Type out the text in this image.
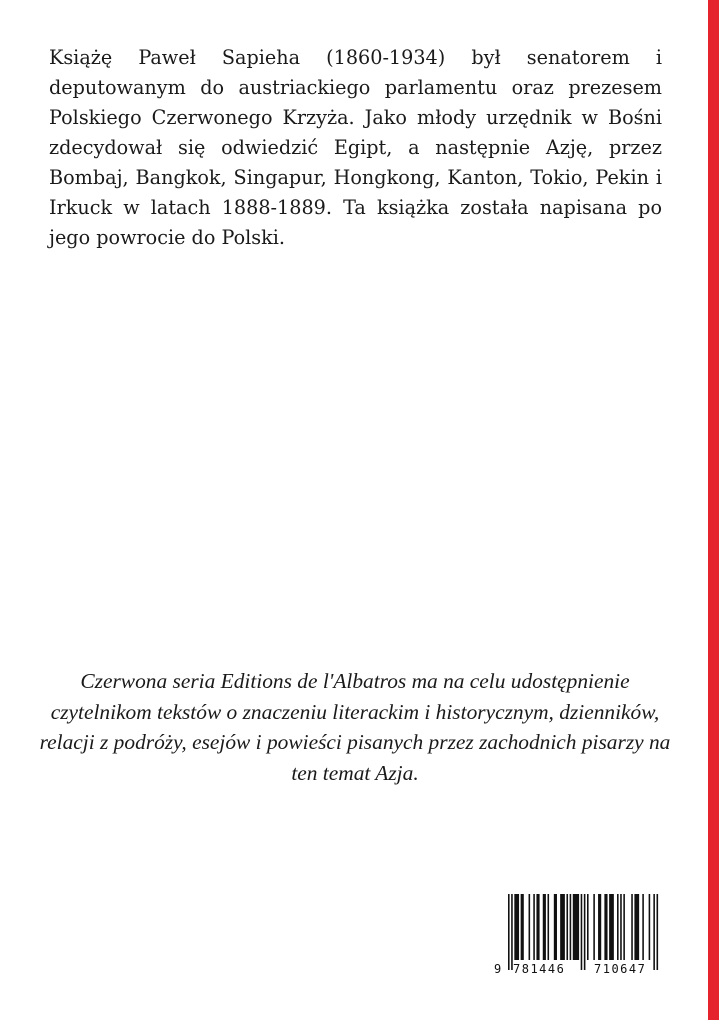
Książę Paweł Sapieha (1860-1934) był senatorem i deputowanym do austriackiego parlamentu oraz prezesem Polskiego Czerwonego Krzyża. Jako młody urzędnik w Bośni zdecydował się odwiedzić Egipt, a następnie Azję, przez Bombaj, Bangkok, Singapur, Hongkong, Kanton, Tokio, Pekin i Irkuck w latach 1888-1889. Ta książka została napisana po jego powrocie do Polski.

Czerwona seria Editions de l'Albatros ma na celu udostępnienie czytelnikom tekstów o znaczeniu literackim i historycznym, dzienników, relacji z podróży, esejów i powieści pisanych przez zachodnich pisarzy na ten temat Azja.

9 781446 710647
